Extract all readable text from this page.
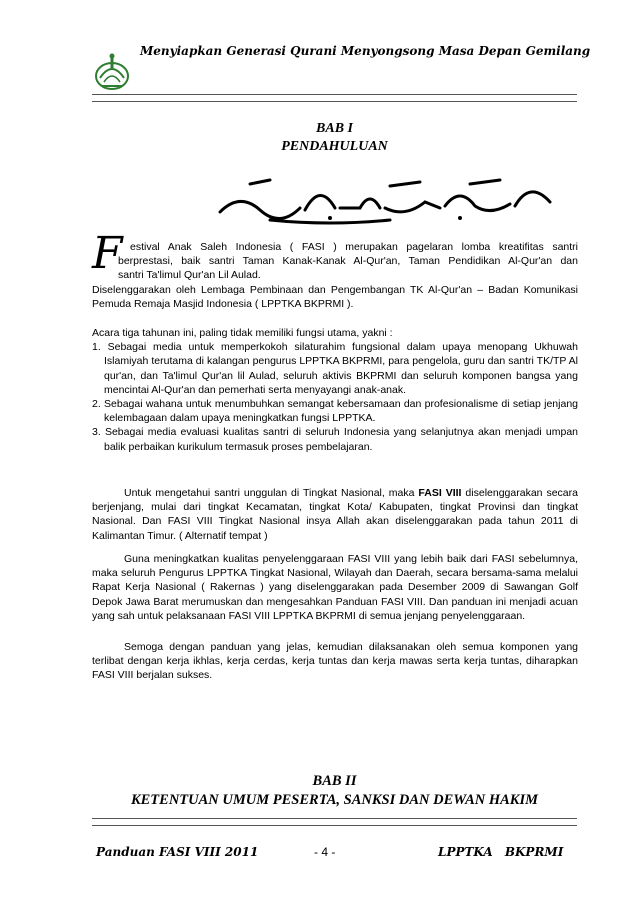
Menyiapkan Generasi Qurani Menyongsong Masa Depan Gemilang
BAB I
PENDAHULUAN
F estival Anak Saleh Indonesia ( FASI ) merupakan pagelaran lomba kreatifitas santri
berprestasi, baik santri Taman Kanak-Kanak Al-Qur'an, Taman Pendidikan Al-Qur'an dan
santri Ta'limul Qur'an Lil Aulad.
Diselenggarakan oleh Lembaga Pembinaan dan Pengembangan TK Al-Qur'an – Badan Komunikasi Pemuda Remaja Masjid Indonesia ( LPPTKA BKPRMI ).
Acara tiga tahunan ini, paling tidak memiliki fungsi utama, yakni :
1. Sebagai media untuk memperkokoh silaturahim fungsional dalam upaya menopang Ukhuwah Islamiyah terutama di kalangan pengurus LPPTKA BKPRMI, para pengelola, guru dan santri TK/TP Al qur'an, dan Ta'limul Qur'an lil Aulad, seluruh aktivis BKPRMI dan seluruh komponen bangsa yang mencintai Al-Qur'an dan pemerhati serta menyayangi anak-anak.
2. Sebagai wahana untuk menumbuhkan semangat kebersamaan dan profesionalisme di setiap jenjang kelembagaan dalam upaya meningkatkan fungsi LPPTKA.
3. Sebagai media evaluasi kualitas santri di seluruh Indonesia yang selanjutnya akan menjadi umpan balik perbaikan kurikulum termasuk proses pembelajaran.
Untuk mengetahui santri unggulan di Tingkat Nasional, maka FASI VIII diselenggarakan secara berjenjang, mulai dari tingkat Kecamatan, tingkat Kota/ Kabupaten, tingkat Provinsi dan tingkat Nasional. Dan FASI VIII Tingkat Nasional insya Allah akan diselenggarakan pada tahun 2011 di Kalimantan Timur. ( Alternatif tempat )
Guna meningkatkan kualitas penyelenggaraan FASI VIII yang lebih baik dari FASI sebelumnya, maka seluruh Pengurus LPPTKA Tingkat Nasional, Wilayah dan Daerah, secara bersama-sama melalui Rapat Kerja Nasional ( Rakernas ) yang diselenggarakan pada Desember 2009 di Sawangan Golf Depok Jawa Barat merumuskan dan mengesahkan Panduan FASI VIII. Dan panduan ini menjadi acuan yang sah untuk pelaksanaan FASI VIII LPPTKA BKPRMI di semua jenjang penyelenggaraan.
Semoga dengan panduan yang jelas, kemudian dilaksanakan oleh semua komponen yang terlibat dengan kerja ikhlas, kerja cerdas, kerja tuntas dan kerja mawas serta kerja tuntas, diharapkan FASI VIII berjalan sukses.
BAB II
KETENTUAN UMUM PESERTA, SANKSI DAN DEWAN HAKIM
Panduan FASI VIII 2011	- 4 -	LPPTKA BKPRMI
